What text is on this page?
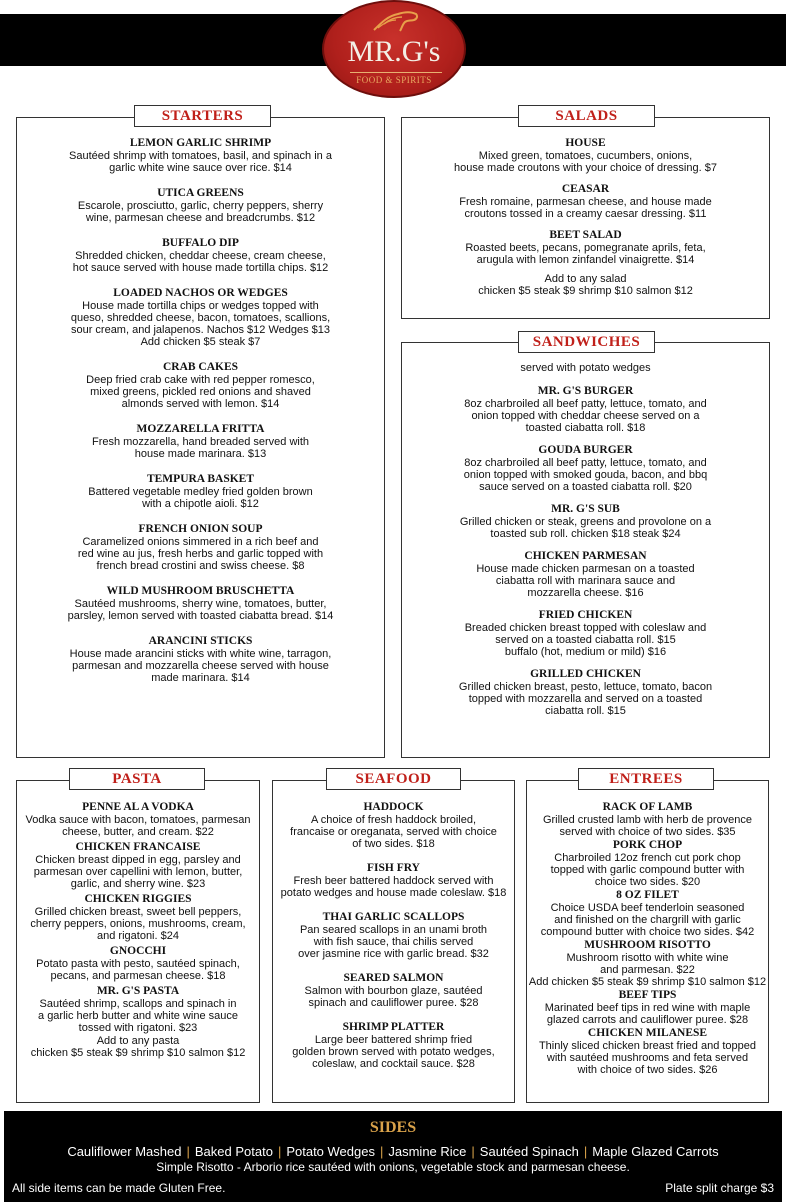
MR.G's
FOOD & SPIRITS
STARTERS
LEMON GARLIC SHRIMP
Sautéed shrimp with tomatoes, basil, and spinach in a
garlic white wine sauce over rice. $14
UTICA GREENS
Escarole, prosciutto, garlic, cherry peppers, sherry
wine, parmesan cheese and breadcrumbs. $12
BUFFALO DIP
Shredded chicken, cheddar cheese, cream cheese,
hot sauce served with house made tortilla chips. $12
LOADED NACHOS OR WEDGES
House made tortilla chips or wedges topped with
queso, shredded cheese, bacon, tomatoes, scallions,
sour cream, and jalapenos. Nachos $12 Wedges $13
Add chicken $5 steak $7
CRAB CAKES
Deep fried crab cake with red pepper romesco,
mixed greens, pickled red onions and shaved
almonds served with lemon. $14
MOZZARELLA FRITTA
Fresh mozzarella, hand breaded served with
house made marinara. $13
TEMPURA BASKET
Battered vegetable medley fried golden brown
with a chipotle aioli. $12
FRENCH ONION SOUP
Caramelized onions simmered in a rich beef and
red wine au jus, fresh herbs and garlic topped with
french bread crostini and swiss cheese. $8
WILD MUSHROOM BRUSCHETTA
Sautéed mushrooms, sherry wine, tomatoes, butter,
parsley, lemon served with toasted ciabatta bread. $14
ARANCINI STICKS
House made arancini sticks with white wine, tarragon,
parmesan and mozzarella cheese served with house
made marinara. $14
SALADS
HOUSE
Mixed green, tomatoes, cucumbers, onions,
house made croutons with your choice of dressing. $7
CEASAR
Fresh romaine, parmesan cheese, and house made
croutons tossed in a creamy caesar dressing. $11
BEET SALAD
Roasted beets, pecans, pomegranate aprils, feta,
arugula with lemon zinfandel vinaigrette. $14
Add to any salad
chicken $5 steak $9 shrimp $10 salmon $12
SANDWICHES
served with potato wedges
MR. G'S BURGER
8oz charbroiled all beef patty, lettuce, tomato, and
onion topped with cheddar cheese served on a
toasted ciabatta roll. $18
GOUDA BURGER
8oz charbroiled all beef patty, lettuce, tomato, and
onion topped with smoked gouda, bacon, and bbq
sauce served on a toasted ciabatta roll. $20
MR. G'S SUB
Grilled chicken or steak, greens and provolone on a
toasted sub roll. chicken $18 steak $24
CHICKEN PARMESAN
House made chicken parmesan on a toasted
ciabatta roll with marinara sauce and
mozzarella cheese. $16
FRIED CHICKEN
Breaded chicken breast topped with coleslaw and
served on a toasted ciabatta roll. $15
buffalo (hot, medium or mild) $16
GRILLED CHICKEN
Grilled chicken breast, pesto, lettuce, tomato, bacon
topped with mozzarella and served on a toasted
ciabatta roll. $15
PASTA
PENNE AL A VODKA
Vodka sauce with bacon, tomatoes, parmesan
cheese, butter, and cream. $22
CHICKEN FRANCAISE
Chicken breast dipped in egg, parsley and
parmesan over capellini with lemon, butter,
garlic, and sherry wine. $23
CHICKEN RIGGIES
Grilled chicken breast, sweet bell peppers,
cherry peppers, onions, mushrooms, cream,
and rigatoni. $24
GNOCCHI
Potato pasta with pesto, sautéed spinach,
pecans, and parmesan cheese. $18
MR. G'S PASTA
Sautéed shrimp, scallops and spinach in
a garlic herb butter and white wine sauce
tossed with rigatoni. $23
Add to any pasta
chicken $5 steak $9 shrimp $10 salmon $12
SEAFOOD
HADDOCK
A choice of fresh haddock broiled,
francaise or oreganata, served with choice
of two sides. $18
FISH FRY
Fresh beer battered haddock served with
potato wedges and house made coleslaw. $18
THAI GARLIC SCALLOPS
Pan seared scallops in an unami broth
with fish sauce, thai chilis served
over jasmine rice with garlic bread. $32
SEARED SALMON
Salmon with bourbon glaze, sautéed
spinach and cauliflower puree. $28
SHRIMP PLATTER
Large beer battered shrimp fried
golden brown served with potato wedges,
coleslaw, and cocktail sauce. $28
ENTREES
RACK OF LAMB
Grilled crusted lamb with herb de provence
served with choice of two sides. $35
PORK CHOP
Charbroiled 12oz french cut pork chop
topped with garlic compound butter with
choice two sides. $20
8 OZ FILET
Choice USDA beef tenderloin seasoned
and finished on the chargrill with garlic
compound butter with choice two sides. $42
MUSHROOM RISOTTO
Mushroom risotto with white wine
and parmesan. $22
Add chicken $5 steak $9 shrimp $10 salmon $12
BEEF TIPS
Marinated beef tips in red wine with maple
glazed carrots and cauliflower puree. $28
CHICKEN MILANESE
Thinly sliced chicken breast fried and topped
with sautéed mushrooms and feta served
with choice of two sides. $26
SIDES
Cauliflower Mashed | Baked Potato | Potato Wedges | Jasmine Rice | Sautéed Spinach | Maple Glazed Carrots
Simple Risotto - Arborio rice sautéed with onions, vegetable stock and parmesan cheese.
All side items can be made Gluten Free.	Plate split charge $3
